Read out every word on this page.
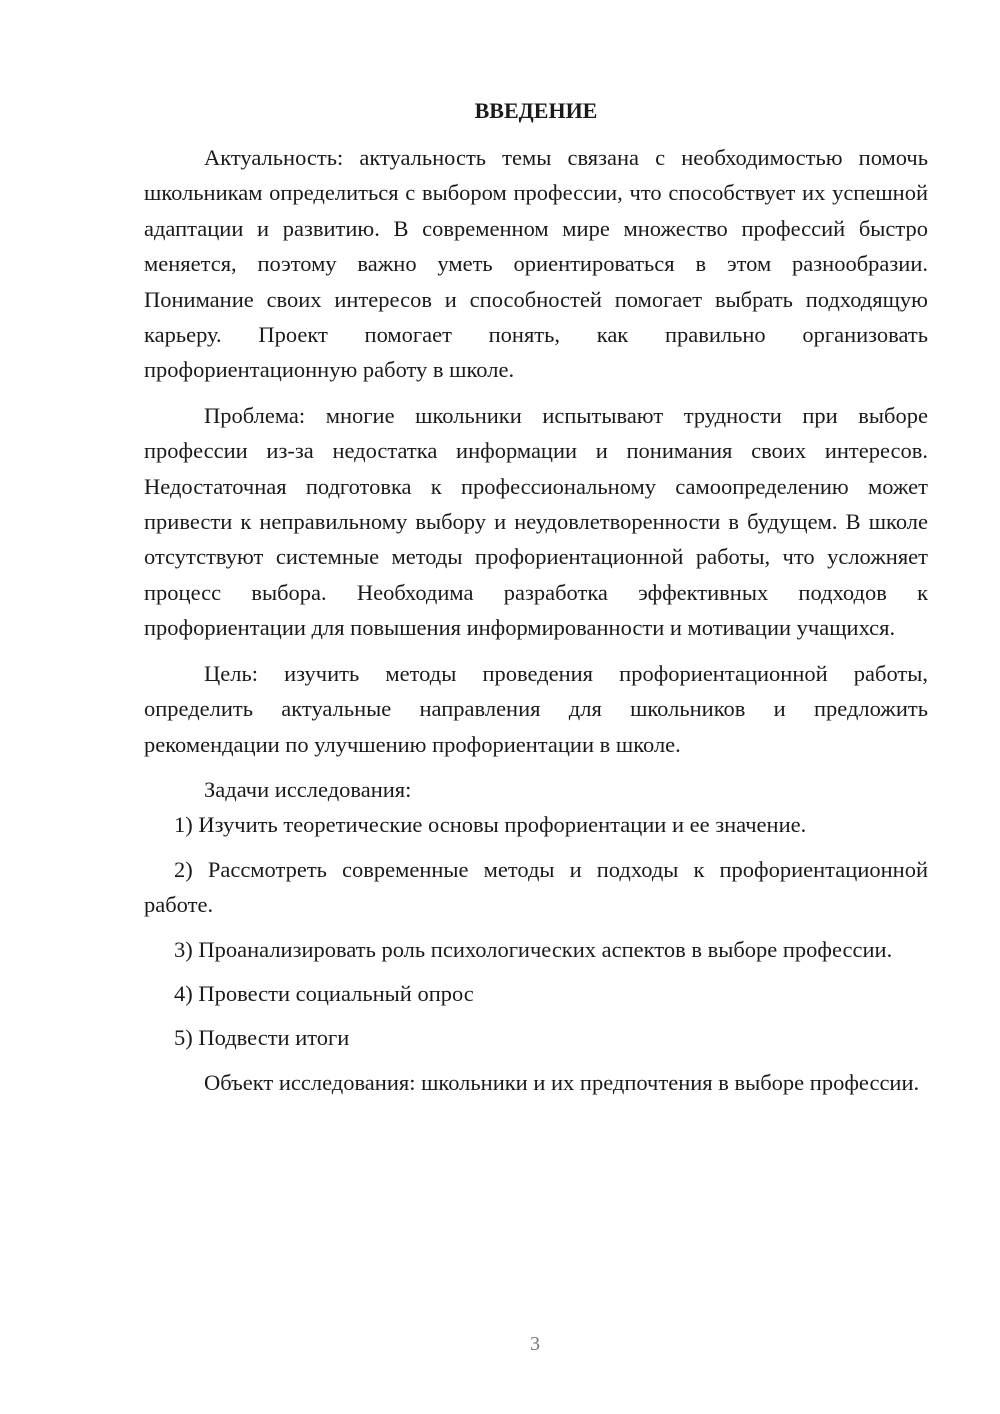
ВВЕДЕНИЕ

Актуальность: актуальность темы связана с необходимостью помочь школьникам определиться с выбором профессии, что способствует их успешной адаптации и развитию. В современном мире множество профессий быстро меняется, поэтому важно уметь ориентироваться в этом разнообразии. Понимание своих интересов и способностей помогает выбрать подходящую карьеру. Проект помогает понять, как правильно организовать профориентационную работу в школе.

Проблема: многие школьники испытывают трудности при выборе профессии из-за недостатка информации и понимания своих интересов. Недостаточная подготовка к профессиональному самоопределению может привести к неправильному выбору и неудовлетворенности в будущем. В школе отсутствуют системные методы профориентационной работы, что усложняет процесс выбора. Необходима разработка эффективных подходов к профориентации для повышения информированности и мотивации учащихся.

Цель: изучить методы проведения профориентационной работы, определить актуальные направления для школьников и предложить рекомендации по улучшению профориентации в школе.

Задачи исследования:

1) Изучить теоретические основы профориентации и ее значение.

2) Рассмотреть современные методы и подходы к профориентационной работе.

3) Проанализировать роль психологических аспектов в выборе профессии.

4) Провести социальный опрос

5) Подвести итоги

Объект исследования: школьники и их предпочтения в выборе профессии.

3
